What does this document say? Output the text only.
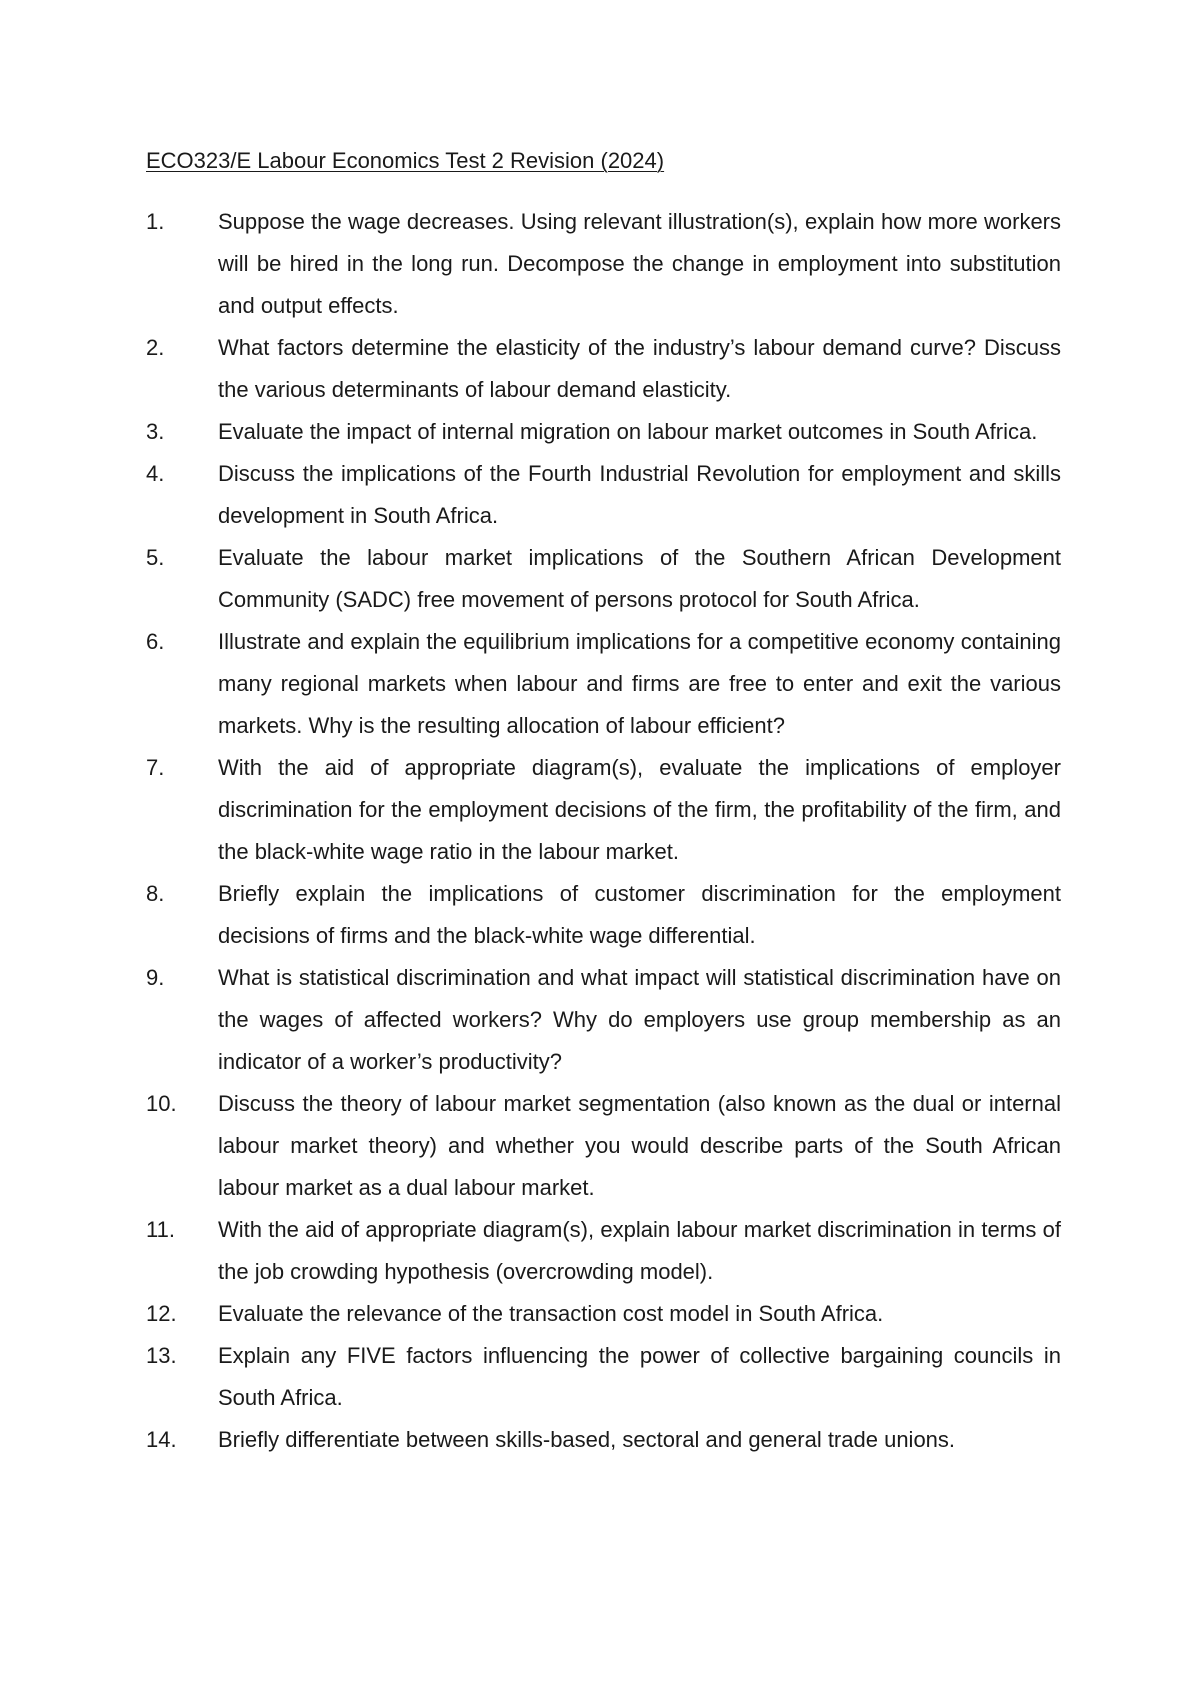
ECO323/E Labour Economics Test 2 Revision (2024)
1.	Suppose the wage decreases. Using relevant illustration(s), explain how more workers will be hired in the long run. Decompose the change in employment into substitution and output effects.
2.	What factors determine the elasticity of the industry’s labour demand curve? Discuss the various determinants of labour demand elasticity.
3.	Evaluate the impact of internal migration on labour market outcomes in South Africa.
4.	Discuss the implications of the Fourth Industrial Revolution for employment and skills development in South Africa.
5.	Evaluate the labour market implications of the Southern African Development Community (SADC) free movement of persons protocol for South Africa.
6.	Illustrate and explain the equilibrium implications for a competitive economy containing many regional markets when labour and firms are free to enter and exit the various markets. Why is the resulting allocation of labour efficient?
7.	With the aid of appropriate diagram(s), evaluate the implications of employer discrimination for the employment decisions of the firm, the profitability of the firm, and the black-white wage ratio in the labour market.
8.	Briefly explain the implications of customer discrimination for the employment decisions of firms and the black-white wage differential.
9.	What is statistical discrimination and what impact will statistical discrimination have on the wages of affected workers? Why do employers use group membership as an indicator of a worker’s productivity?
10.	Discuss the theory of labour market segmentation (also known as the dual or internal labour market theory) and whether you would describe parts of the South African labour market as a dual labour market.
11.	With the aid of appropriate diagram(s), explain labour market discrimination in terms of the job crowding hypothesis (overcrowding model).
12.	Evaluate the relevance of the transaction cost model in South Africa.
13.	Explain any FIVE factors influencing the power of collective bargaining councils in South Africa.
14.	Briefly differentiate between skills-based, sectoral and general trade unions.
